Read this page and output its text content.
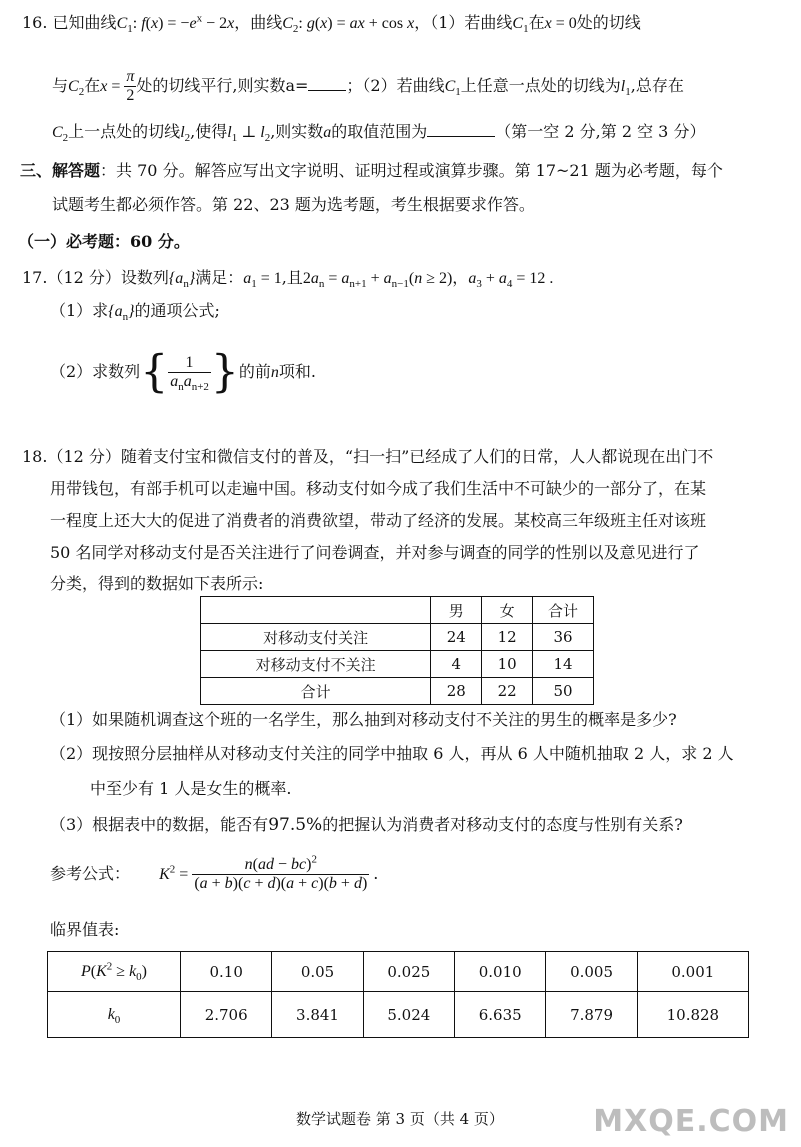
16. 已知曲线$C_1$: $f(x) = -e^x - 2x$，曲线$C_2$: g(x) = ax + cos x，（1）若曲线$C_1$在x = 0处的切线
与$C_2$在$x = \frac{\pi}{2}$ 处的切线平行,则实数a= ；（2）若曲线$C_1$上任意一点处的切线为$l_1$,总存在
$C_2$上一点处的切线$l_2$,使得$l_1$ ⊥ $l_2$,则实数a的取值范围为	（第一空 2 分,第 2 空 3 分）
三、解答题：共 70 分。解答应写出文字说明、证明过程或演算步骤。第 17~21 题为必考题，每个
试题考生都必须作答。第 22、23 题为选考题，考生根据要求作答。
（一）必考题：60 分。
17.（12 分）设数列$\{a_n\}$满足：$a_1 = 1$,且$2a_n = a_{n+1} + a_{n-1}(n \ge 2)$，$a_3 + a_4 = 12$ .
（1）求$\{a_n\}$的通项公式;
（2）求数列{ $\frac{1}{a_na_{n+2}}$ }的前n项和.
18.（12 分）随着支付宝和微信支付的普及，“扫一扫”已经成了人们的日常，人人都说现在出门不
用带钱包，有部手机可以走遍中国。移动支付如今成了我们生活中不可缺少的一部分了，在某
一程度上还大大的促进了消费者的消费欲望，带动了经济的发展。某校高三年级班主任对该班
50 名同学对移动支付是否关注进行了问卷调查，并对参与调查的同学的性别以及意见进行了
分类，得到的数据如下表所示:
	男	女	合计
对移动支付关注	24	12	36
对移动支付不关注	4	10	14
合计	28	22	50
（1）如果随机调查这个班的一名学生，那么抽到对移动支付不关注的男生的概率是多少?
（2）现按照分层抽样从对移动支付关注的同学中抽取 6 人，再从 6 人中随机抽取 2 人，求 2 人
中至少有 1 人是女生的概率.
（3）根据表中的数据，能否有97.5%的把握认为消费者对移动支付的态度与性别有关系?
参考公式： $K^2 = \frac{n(ad - bc)^2}{(a + b)(c + d)(a + c)(b + d)}$ .
临界值表:
$P(K^2 \ge k_0)$	0.10	0.05	0.025	0.010	0.005	0.001
$k_0$	2.706	3.841	5.024	6.635	7.879	10.828
数学试题卷 第 3 页（共 4 页）	MXQE.COM
